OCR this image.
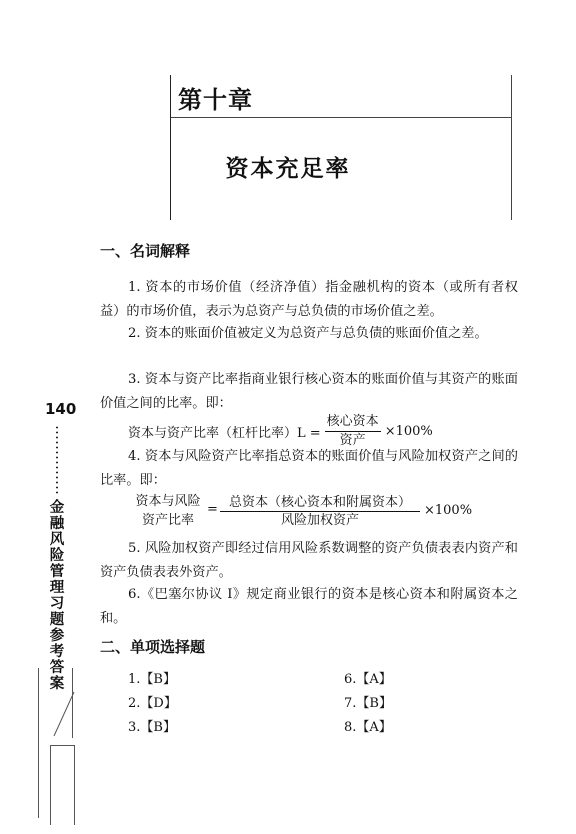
第十章
资本充足率
一、名词解释
1. 资本的市场价值（经济净值）指金融机构的资本（或所有者权益）的市场价值，表示为总资产与总负债的市场价值之差。
2. 资本的账面价值被定义为总资产与总负债的账面价值之差。
3. 资本与资产比率指商业银行核心资本的账面价值与其资产的账面价值之间的比率。即：
资本与资产比率（杠杆比率）$L = \frac{\text{核心资本}}{\text{资产}} \times 100\%$
4. 资本与风险资产比率指总资本的账面价值与风险加权资产之间的比率。即：
资本与风险
资产比率
= 总资本（核心资本和附属资本）
风险加权资产
×100%
5. 风险加权资产即经过信用风险系数调整的资产负债表表内资产和资产负债表表外资产。
6.《巴塞尔协议 I》规定商业银行的资本是核心资本和附属资本之和。
二、单项选择题
1.【B】
2.【D】
3.【B】
6.【A】
7.【B】
8.【A】
140
金融风险管理习题参考答案
